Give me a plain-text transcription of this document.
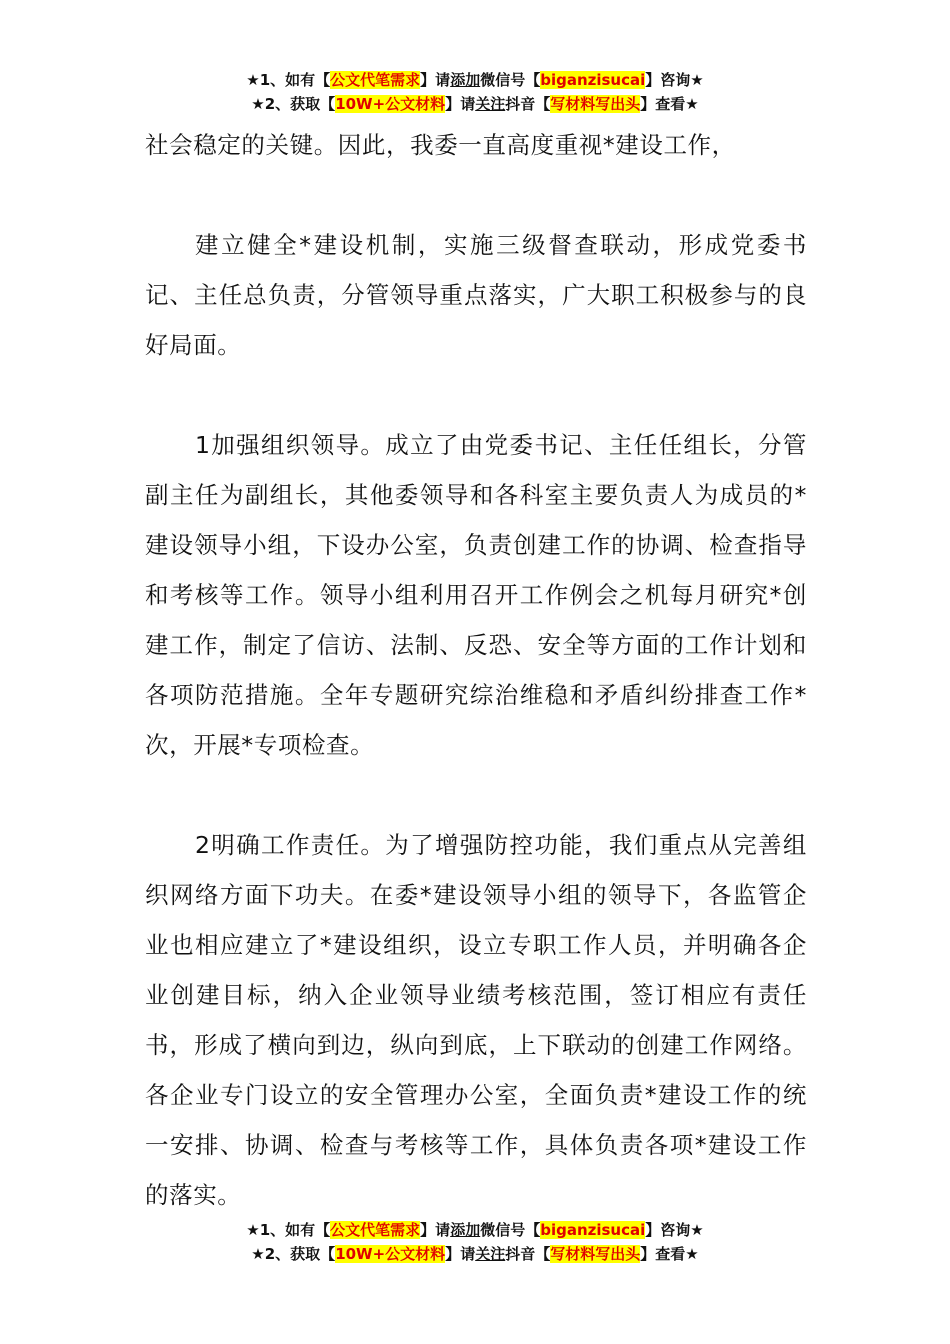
★1、如有【公文代笔需求】请添加微信号【biganzisucai】咨询★
★2、获取【10W+公文材料】请关注抖音【写材料写出头】查看★

社会稳定的关键。因此，我委一直高度重视*建设工作，

建立健全*建设机制，实施三级督查联动，形成党委书记、主任总负责，分管领导重点落实，广大职工积极参与的良好局面。

1加强组织领导。成立了由党委书记、主任任组长，分管副主任为副组长，其他委领导和各科室主要负责人为成员的*建设领导小组，下设办公室，负责创建工作的协调、检查指导和考核等工作。领导小组利用召开工作例会之机每月研究*创建工作，制定了信访、法制、反恐、安全等方面的工作计划和各项防范措施。全年专题研究综治维稳和矛盾纠纷排查工作*次，开展*专项检查。

2明确工作责任。为了增强防控功能，我们重点从完善组织网络方面下功夫。在委*建设领导小组的领导下，各监管企业也相应建立了*建设组织，设立专职工作人员，并明确各企业创建目标，纳入企业领导业绩考核范围，签订相应有责任书，形成了横向到边，纵向到底，上下联动的创建工作网络。各企业专门设立的安全管理办公室，全面负责*建设工作的统一安排、协调、检查与考核等工作，具体负责各项*建设工作的落实。

★1、如有【公文代笔需求】请添加微信号【biganzisucai】咨询★
★2、获取【10W+公文材料】请关注抖音【写材料写出头】查看★
